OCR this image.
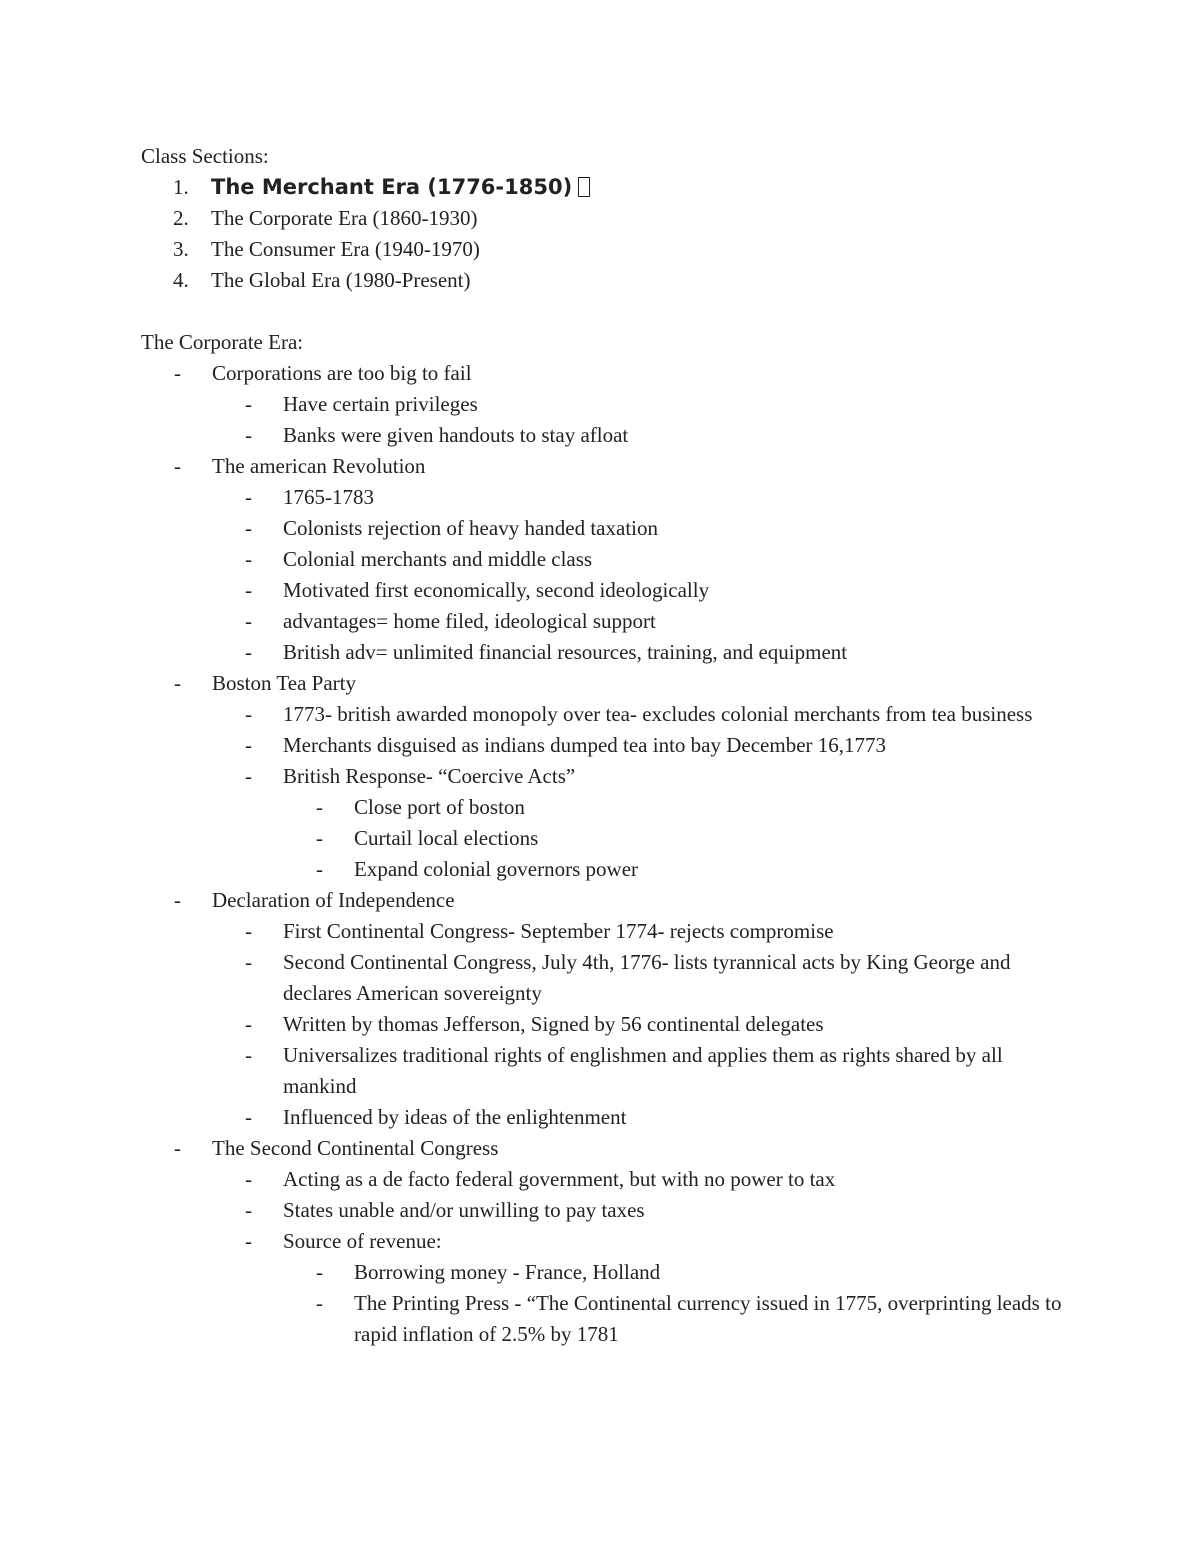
Class Sections:
1.	The Merchant Era (1776-1850)
2.	The Corporate Era (1860-1930)
3.	The Consumer Era (1940-1970)
4.	The Global Era (1980-Present)
The Corporate Era:
-	Corporations are too big to fail
-	Have certain privileges
-	Banks were given handouts to stay afloat
-	The american Revolution
-	1765-1783
-	Colonists rejection of heavy handed taxation
-	Colonial merchants and middle class
-	Motivated first economically, second ideologically
-	advantages= home filed, ideological support
-	British adv= unlimited financial resources, training, and equipment
-	Boston Tea Party
-	1773- british awarded monopoly over tea- excludes colonial merchants from tea business
-	Merchants disguised as indians dumped tea into bay December 16,1773
-	British Response- “Coercive Acts”
-	Close port of boston
-	Curtail local elections
-	Expand colonial governors power
-	Declaration of Independence
-	First Continental Congress- September 1774- rejects compromise
-	Second Continental Congress, July 4th, 1776- lists tyrannical acts by King George and declares American sovereignty
-	Written by thomas Jefferson, Signed by 56 continental delegates
-	Universalizes traditional rights of englishmen and applies them as rights shared by all mankind
-	Influenced by ideas of the enlightenment
-	The Second Continental Congress
-	Acting as a de facto federal government, but with no power to tax
-	States unable and/or unwilling to pay taxes
-	Source of revenue:
-	Borrowing money - France, Holland
-	The Printing Press - “The Continental currency issued in 1775, overprinting leads to rapid inflation of 2.5% by 1781
